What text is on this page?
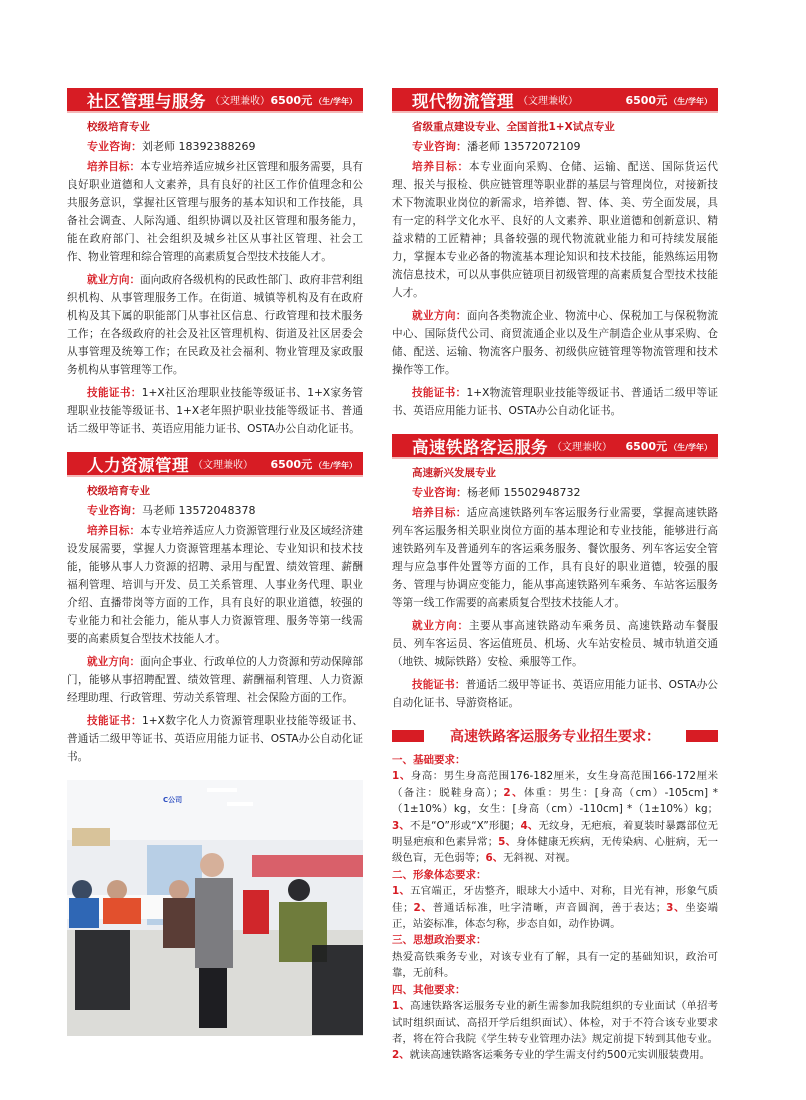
社区管理与服务 （文理兼收） 6500元 （生/学年）
校级培育专业
专业咨询：刘老师 18392388269
培养目标：本专业培养适应城乡社区管理和服务需要，具有良好职业道德和人文素养，具有良好的社区工作价值理念和公共服务意识，掌握社区管理与服务的基本知识和工作技能，具备社会调查、人际沟通、组织协调以及社区管理和服务能力，能在政府部门、社会组织及城乡社区从事社区管理、社会工作、物业管理和综合管理的高素质复合型技术技能人才。
就业方向：面向政府各级机构的民政性部门、政府非营利组织机构、从事管理服务工作。在街道、城镇等机构及有在政府机构及其下属的职能部门从事社区信息、行政管理和技术服务工作；在各级政府的社会及社区管理机构、街道及社区居委会从事管理及统筹工作；在民政及社会福利、物业管理及家政服务机构从事管理等工作。
技能证书：1+X社区治理职业技能等级证书、1+X家务管理职业技能等级证书、1+X老年照护职业技能等级证书、普通话二级甲等证书、英语应用能力证书、OSTA办公自动化证书。
人力资源管理 （文理兼收） 6500元 （生/学年）
校级培育专业
专业咨询：马老师 13572048378
培养目标：本专业培养适应人力资源管理行业及区域经济建设发展需要，掌握人力资源管理基本理论、专业知识和技术技能，能够从事人力资源的招聘、录用与配置、绩效管理、薪酬福利管理、培训与开发、员工关系管理、人事业务代理、职业介绍、直播带岗等方面的工作，具有良好的职业道德，较强的专业能力和社会能力，能从事人力资源管理、服务等第一线需要的高素质复合型技术技能人才。
就业方向：面向企事业、行政单位的人力资源和劳动保障部门，能够从事招聘配置、绩效管理、薪酬福利管理、人力资源经理助理、行政管理、劳动关系管理、社会保险方面的工作。
技能证书：1+X数字化人力资源管理职业技能等级证书、普通话二级甲等证书、英语应用能力证书、OSTA办公自动化证书。
C公司
现代物流管理 （文理兼收）	6500元 （生/学年）
省级重点建设专业、全国首批1+X试点专业
专业咨询：潘老师 13572072109
培养目标：本专业面向采购、仓储、运输、配送、国际货运代理、报关与报检、供应链管理等职业群的基层与管理岗位，对接新技术下物流职业岗位的新需求，培养德、智、体、美、劳全面发展，具有一定的科学文化水平、良好的人文素养、职业道德和创新意识、精益求精的工匠精神；具备较强的现代物流就业能力和可持续发展能力，掌握本专业必备的物流基本理论知识和技术技能，能熟练运用物流信息技术，可以从事供应链项目初级管理的高素质复合型技术技能人才。
就业方向：面向各类物流企业、物流中心、保税加工与保税物流中心、国际货代公司、商贸流通企业以及生产制造企业从事采购、仓储、配送、运输、物流客户服务、初级供应链管理等物流管理和技术操作等工作。
技能证书：1+X物流管理职业技能等级证书、普通话二级甲等证书、英语应用能力证书、OSTA办公自动化证书。
高速铁路客运服务 （文理兼收） 6500元 （生/学年）
高速新兴发展专业
专业咨询：杨老师 15502948732
培养目标：适应高速铁路列车客运服务行业需要，掌握高速铁路列车客运服务相关职业岗位方面的基本理论和专业技能，能够进行高速铁路列车及普通列车的客运乘务服务、餐饮服务、列车客运安全管理与应急事件处置等方面的工作，具有良好的职业道德，较强的服务、管理与协调应变能力，能从事高速铁路列车乘务、车站客运服务等第一线工作需要的高素质复合型技术技能人才。
就业方向：主要从事高速铁路动车乘务员、高速铁路动车餐服员、列车客运员、客运值班员、机场、火车站安检员、城市轨道交通（地铁、城际铁路）安检、乘服等工作。
技能证书：普通话二级甲等证书、英语应用能力证书、OSTA办公自动化证书、导游资格证。
高速铁路客运服务专业招生要求：
一、基础要求：
1、身高：男生身高范围176-182厘米，女生身高范围166-172厘米（备注：脱鞋身高）；2、体重：男生：[身高（cm）-105cm] *（1±10%）kg，女生：[身高（cm）-110cm] *（1±10%）kg；3、不是“O”形或“X”形腿；4、无纹身，无疤痕，着夏装时暴露部位无明显疤痕和色素异常；5、身体健康无疾病，无传染病、心脏病，无一级色盲，无色弱等；6、无斜视、对视。
二、形象体态要求：
1、五官端正，牙齿整齐，眼球大小适中、对称，目光有神，形象气质佳；2、普通话标准，吐字清晰，声音圆润，善于表达；3、坐姿端正，站姿标准，体态匀称，步态自如，动作协调。
三、思想政治要求：
热爱高铁乘务专业，对该专业有了解，具有一定的基础知识，政治可靠，无前科。
四、其他要求：
1、高速铁路客运服务专业的新生需参加我院组织的专业面试（单招考试时组织面试、高招开学后组织面试）、体检，对于不符合该专业要求者，将在符合我院《学生转专业管理办法》规定前提下转到其他专业。2、就读高速铁路客运乘务专业的学生需支付约500元实训服装费用。
